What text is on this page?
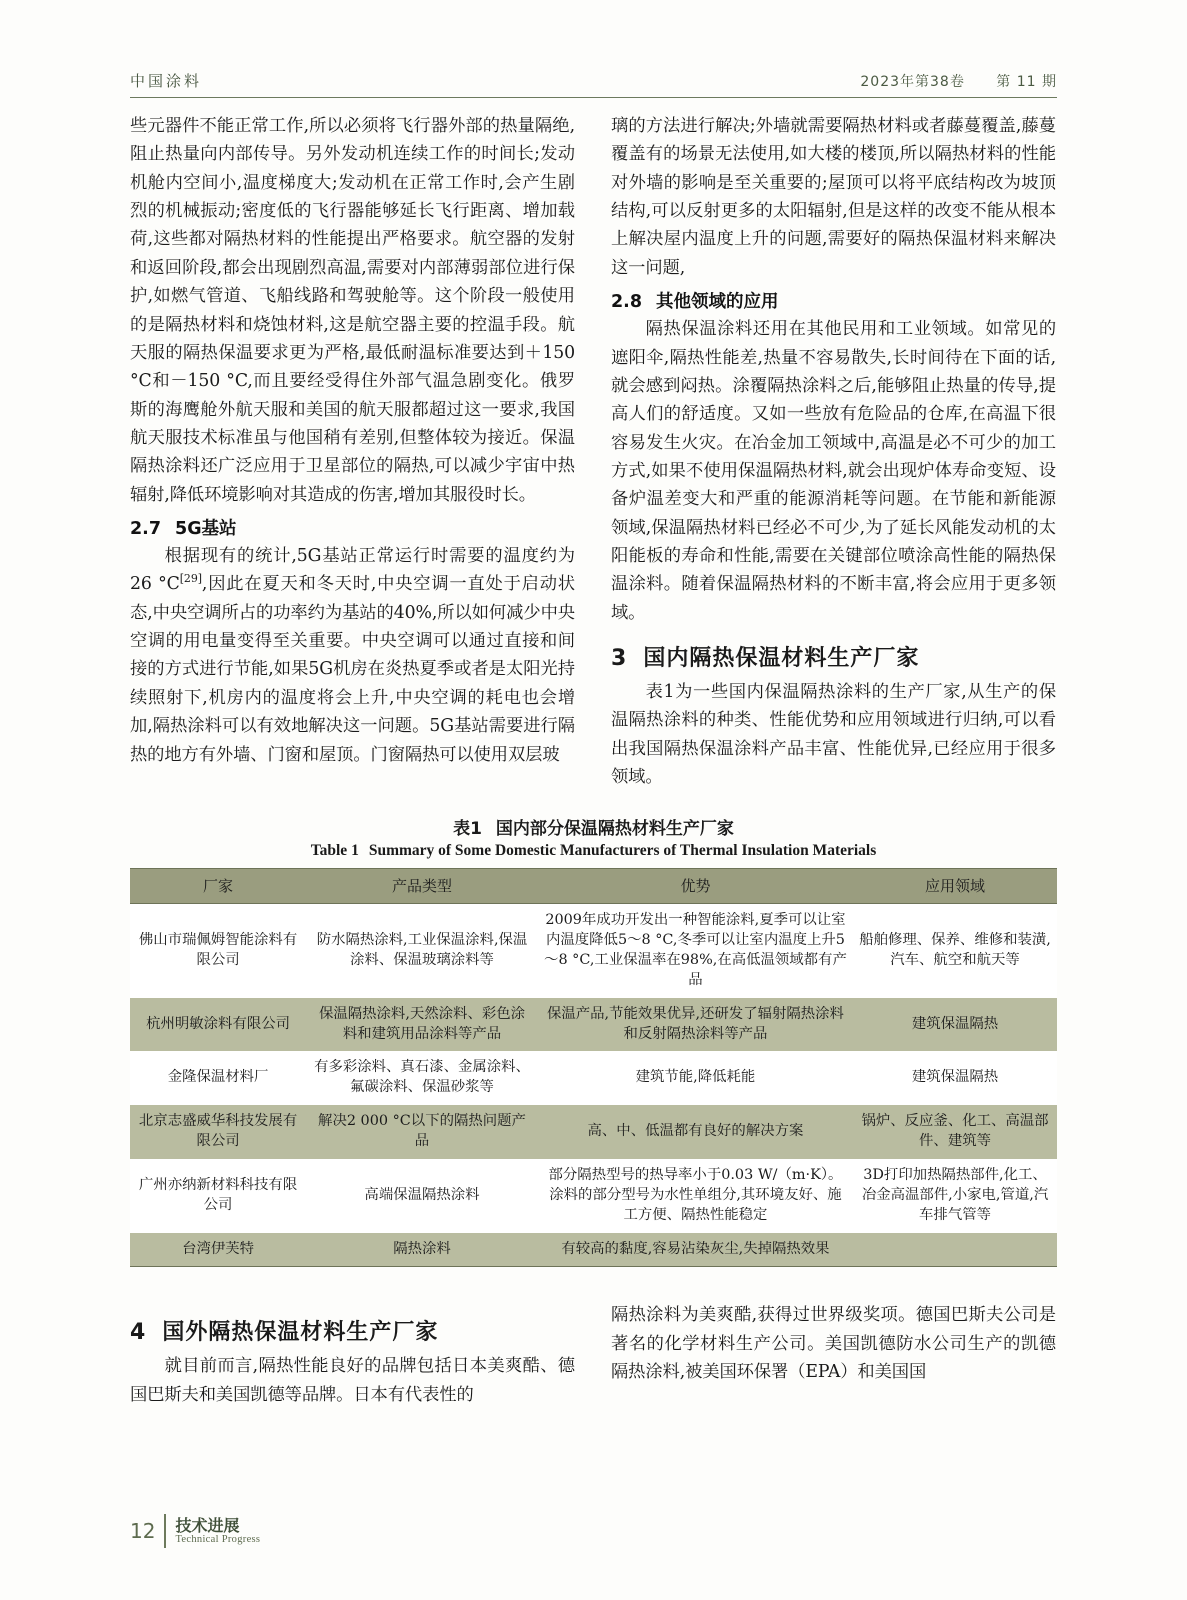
中国涂料	2023年第38卷 第 11 期

些元器件不能正常工作,所以必须将飞行器外部的热量隔绝,阻止热量向内部传导。另外发动机连续工作的时间长;发动机舱内空间小,温度梯度大;发动机在正常工作时,会产生剧烈的机械振动;密度低的飞行器能够延长飞行距离、增加载荷,这些都对隔热材料的性能提出严格要求。航空器的发射和返回阶段,都会出现剧烈高温,需要对内部薄弱部位进行保护,如燃气管道、飞船线路和驾驶舱等。这个阶段一般使用的是隔热材料和烧蚀材料,这是航空器主要的控温手段。航天服的隔热保温要求更为严格,最低耐温标准要达到＋150 °C和－150 °C,而且要经受得住外部气温急剧变化。俄罗斯的海鹰舱外航天服和美国的航天服都超过这一要求,我国航天服技术标准虽与他国稍有差别,但整体较为接近。保温隔热涂料还广泛应用于卫星部位的隔热,可以减少宇宙中热辐射,降低环境影响对其造成的伤害,增加其服役时长。

2.7 5G基站

根据现有的统计,5G基站正常运行时需要的温度约为26 °C[29],因此在夏天和冬天时,中央空调一直处于启动状态,中央空调所占的功率约为基站的40%,所以如何减少中央空调的用电量变得至关重要。中央空调可以通过直接和间接的方式进行节能,如果5G机房在炎热夏季或者是太阳光持续照射下,机房内的温度将会上升,中央空调的耗电也会增加,隔热涂料可以有效地解决这一问题。5G基站需要进行隔热的地方有外墙、门窗和屋顶。门窗隔热可以使用双层玻

璃的方法进行解决;外墙就需要隔热材料或者藤蔓覆盖,藤蔓覆盖有的场景无法使用,如大楼的楼顶,所以隔热材料的性能对外墙的影响是至关重要的;屋顶可以将平底结构改为坡顶结构,可以反射更多的太阳辐射,但是这样的改变不能从根本上解决屋内温度上升的问题,需要好的隔热保温材料来解决这一问题,

2.8 其他领域的应用

隔热保温涂料还用在其他民用和工业领域。如常见的遮阳伞,隔热性能差,热量不容易散失,长时间待在下面的话,就会感到闷热。涂覆隔热涂料之后,能够阻止热量的传导,提高人们的舒适度。又如一些放有危险品的仓库,在高温下很容易发生火灾。在冶金加工领域中,高温是必不可少的加工方式,如果不使用保温隔热材料,就会出现炉体寿命变短、设备炉温差变大和严重的能源消耗等问题。在节能和新能源领域,保温隔热材料已经必不可少,为了延长风能发动机的太阳能板的寿命和性能,需要在关键部位喷涂高性能的隔热保温涂料。随着保温隔热材料的不断丰富,将会应用于更多领域。

3 国内隔热保温材料生产厂家

表1为一些国内保温隔热涂料的生产厂家,从生产的保温隔热涂料的种类、性能优势和应用领域进行归纳,可以看出我国隔热保温涂料产品丰富、性能优异,已经应用于很多领域。

表1 国内部分保温隔热材料生产厂家
Table 1 Summary of Some Domestic Manufacturers of Thermal Insulation Materials
厂家	产品类型	优势	应用领域
佛山市瑞佩姆智能涂料有限公司	防水隔热涂料,工业保温涂料,保温涂料、保温玻璃涂料等	2009年成功开发出一种智能涂料,夏季可以让室内温度降低5～8 °C,冬季可以让室内温度上升5～8 °C,工业保温率在98%,在高低温领域都有产品	船舶修理、保养、维修和装潢,汽车、航空和航天等
杭州明敏涂料有限公司	保温隔热涂料,天然涂料、彩色涂料和建筑用品涂料等产品	保温产品,节能效果优异,还研发了辐射隔热涂料和反射隔热涂料等产品	建筑保温隔热
金隆保温材料厂	有多彩涂料、真石漆、金属涂料、氟碳涂料、保温砂浆等	建筑节能,降低耗能	建筑保温隔热
北京志盛威华科技发展有限公司	解决2 000 °C以下的隔热问题产品	高、中、低温都有良好的解决方案	锅炉、反应釜、化工、高温部件、建筑等
广州亦纳新材料科技有限公司	高端保温隔热涂料	部分隔热型号的热导率小于0.03 W/（m·K）。涂料的部分型号为水性单组分,其环境友好、施工方便、隔热性能稳定	3D打印加热隔热部件,化工、冶金高温部件,小家电,管道,汽车排气管等
台湾伊芙特	隔热涂料	有较高的黏度,容易沾染灰尘,失掉隔热效果	
4 国外隔热保温材料生产厂家

就目前而言,隔热性能良好的品牌包括日本美爽酷、德国巴斯夫和美国凯德等品牌。日本有代表性的

隔热涂料为美爽酷,获得过世界级奖项。德国巴斯夫公司是著名的化学材料生产公司。美国凯德防水公司生产的凯德隔热涂料,被美国环保署（EPA）和美国国

12 技术进展
Technical Progress
